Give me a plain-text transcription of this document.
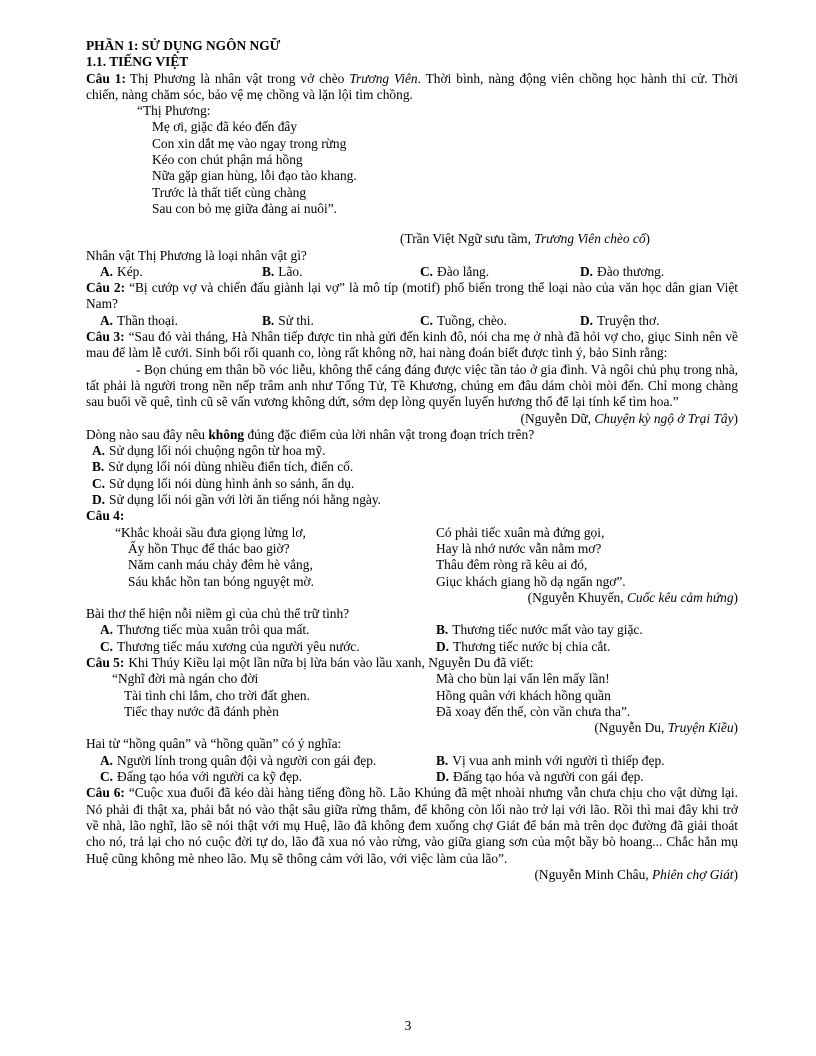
PHẦN 1: SỬ DỤNG NGÔN NGỮ

1.1. TIẾNG VIỆT

Câu 1: Thị Phương là nhân vật trong vở chèo Trương Viên. Thời bình, nàng động viên chồng học hành thi cử. Thời chiến, nàng chăm sóc, bảo vệ mẹ chồng và lặn lội tìm chồng.

“Thị Phương:
Mẹ ơi, giặc đã kéo đến đây
Con xin dắt mẹ vào ngay trong rừng
Kéo con chút phận má hồng
Nữa gặp gian hùng, lỗi đạo tào khang.
Trước là thất tiết cùng chàng
Sau con bỏ mẹ giữa đàng ai nuôi”.

(Trần Việt Ngữ sưu tầm, Trương Viên chèo cổ)

Nhân vật Thị Phương là loại nhân vật gì?

A. Kép.	B. Lão.	C. Đào lẳng.	D. Đào thương.

Câu 2: “Bị cướp vợ và chiến đấu giành lại vợ” là mô típ (motif) phổ biến trong thể loại nào của văn học dân gian Việt Nam?

A. Thần thoại.	B. Sử thi.	C. Tuồng, chèo.	D. Truyện thơ.

Câu 3: “Sau đó vài tháng, Hà Nhân tiếp được tin nhà gửi đến kinh đô, nói cha mẹ ở nhà đã hỏi vợ cho, giục Sinh nên về mau để làm lễ cưới. Sinh bối rối quanh co, lòng rất không nỡ, hai nàng đoán biết được tình ý, bảo Sinh rằng:

- Bọn chúng em thân bồ vóc liễu, không thể cáng đáng được việc tần tảo ở gia đình. Và ngôi chủ phụ trong nhà, tất phải là người trong nền nếp trâm anh như Tống Tử, Tề Khương, chúng em đâu dám chòi mòi đến. Chỉ mong chàng sau buổi về quê, tình cũ sẽ vấn vương không dứt, sớm dẹp lòng quyến luyến hương thổ để lại tính kế tìm hoa.”

(Nguyễn Dữ, Chuyện kỳ ngộ ở Trại Tây)

Dòng nào sau đây nêu không đúng đặc điểm của lời nhân vật trong đoạn trích trên?

A. Sử dụng lối nói chuộng ngôn từ hoa mỹ.

B. Sử dụng lối nói dùng nhiều điển tích, điển cố.

C. Sử dụng lối nói dùng hình ảnh so sánh, ẩn dụ.

D. Sử dụng lối nói gần với lời ăn tiếng nói hằng ngày.

Câu 4:

“Khắc khoải sầu đưa giọng lửng lơ,	Có phải tiếc xuân mà đứng gọi,
Ấy hồn Thục đế thác bao giờ?	Hay là nhớ nước vẫn nằm mơ?
Năm canh máu chảy đêm hè vắng,	Thâu đêm ròng rã kêu ai đó,
Sáu khắc hồn tan bóng nguyệt mờ.	Giục khách giang hồ dạ ngẩn ngơ”.

(Nguyễn Khuyến, Cuốc kêu cảm hứng)

Bài thơ thể hiện nỗi niềm gì của chủ thể trữ tình?

A. Thương tiếc mùa xuân trôi qua mất.	B. Thương tiếc nước mất vào tay giặc.
C. Thương tiếc máu xương của người yêu nước.	D. Thương tiếc nước bị chia cắt.

Câu 5: Khi Thúy Kiều lại một lần nữa bị lừa bán vào lầu xanh, Nguyễn Du đã viết:

“Nghĩ đời mà ngán cho đời	Mà cho bùn lại vẩn lên mấy lần!
Tài tình chi lắm, cho trời đất ghen.	Hồng quân với khách hồng quần
Tiếc thay nước đã đánh phèn	Đã xoay đến thế, còn vần chưa tha”.

(Nguyễn Du, Truyện Kiều)

Hai từ “hồng quân” và “hồng quần” có ý nghĩa:

A. Người lính trong quân đội và người con gái đẹp.	B. Vị vua anh minh với người tì thiếp đẹp.
C. Đấng tạo hóa với người ca kỹ đẹp.	D. Đấng tạo hóa và người con gái đẹp.

Câu 6: “Cuộc xua đuổi đã kéo dài hàng tiếng đồng hồ. Lão Khúng đã mệt nhoài nhưng vẫn chưa chịu cho vật dừng lại. Nó phải đi thật xa, phải bắt nó vào thật sâu giữa rừng thẳm, để không còn lối nào trở lại với lão. Rồi thì mai đây khi trở về nhà, lão nghĩ, lão sẽ nói thật với mụ Huệ, lão đã không đem xuống chợ Giát để bán mà trên dọc đường đã giải thoát cho nó, trả lại cho nó cuộc đời tự do, lão đã xua nó vào rừng, vào giữa giang sơn của một bầy bò hoang... Chắc hẳn mụ Huệ cũng không mè nheo lão. Mụ sẽ thông cảm với lão, với việc làm của lão”.

(Nguyễn Minh Châu, Phiên chợ Giát)

3
